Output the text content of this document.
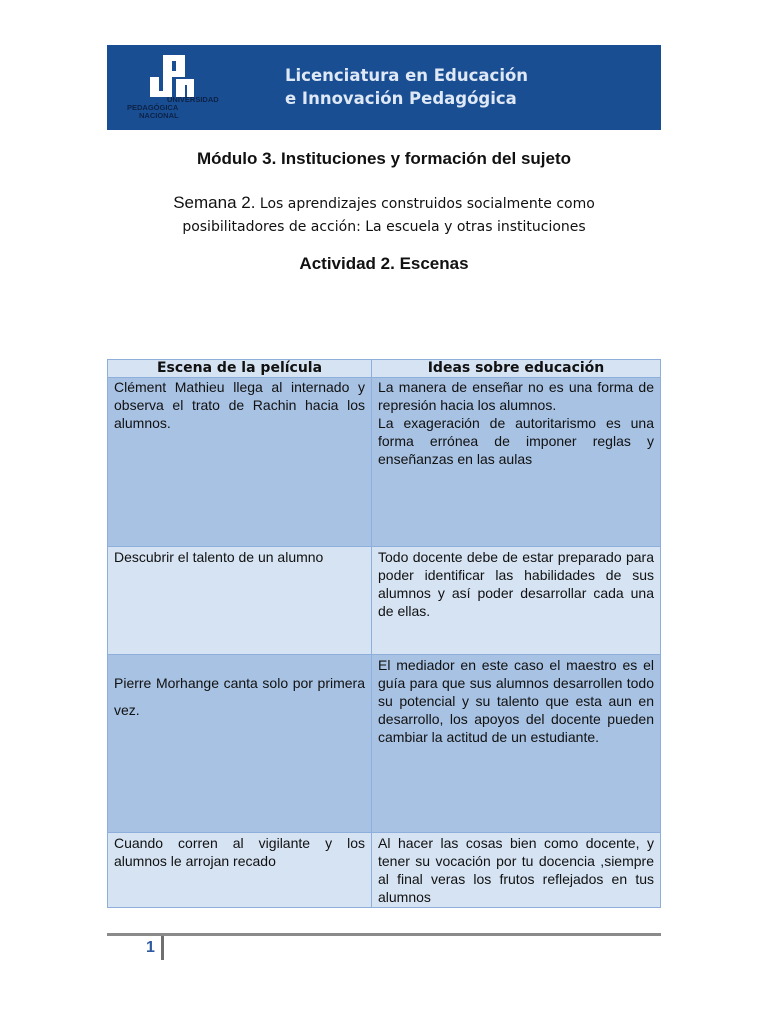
UNIVERSIDAD
PEDAGÓGICA
NACIONAL
Licenciatura en Educación
e Innovación Pedagógica
Módulo 3. Instituciones y formación del sujeto
Semana 2. Los aprendizajes construidos socialmente como posibilitadores de acción: La escuela y otras instituciones
Actividad 2. Escenas
Escena de la película	Ideas sobre educación
Clément Mathieu llega al internado y observa el trato de Rachin hacia los alumnos.	La manera de enseñar no es una forma de represión hacia los alumnos.
La exageración de autoritarismo es una forma errónea de imponer reglas y enseñanzas en las aulas

Descubrir el talento de un alumno	Todo docente debe de estar preparado para poder identificar las habilidades de sus alumnos y así poder desarrollar cada una de ellas.
Pierre Morhange canta solo por primera vez.	El mediador en este caso el maestro es el guía para que sus alumnos desarrollen todo su potencial y su talento que esta aun en desarrollo, los apoyos del docente pueden cambiar la actitud de un estudiante.
Cuando corren al vigilante y los alumnos le arrojan recado	Al hacer las cosas bien como docente, y tener su vocación por tu docencia ,siempre al final veras los frutos reflejados en tus alumnos
1
